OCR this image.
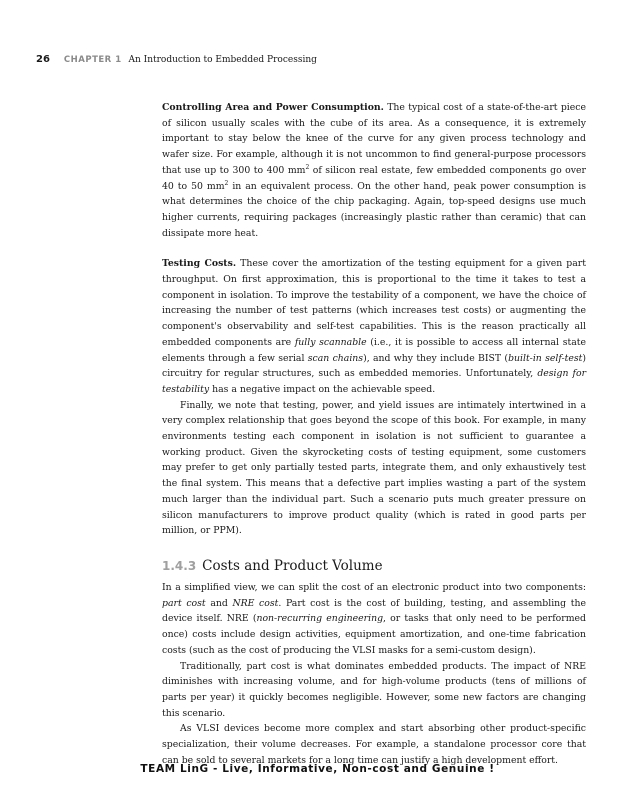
26 CHAPTER 1 An Introduction to Embedded Processing

Controlling Area and Power Consumption. The typical cost of a state-of-the-art piece of silicon usually scales with the cube of its area. As a consequence, it is extremely important to stay below the knee of the curve for any given process technology and wafer size. For example, although it is not uncommon to find general-purpose processors that use up to 300 to 400 $mm^2$ of silicon real estate, few embedded components go over 40 to 50 $mm^2$ in an equivalent process. On the other hand, peak power consumption is what determines the choice of the chip packaging. Again, top-speed designs use much higher currents, requiring packages (increasingly plastic rather than ceramic) that can dissipate more heat.

Testing Costs. These cover the amortization of the testing equipment for a given part throughput. On first approximation, this is proportional to the time it takes to test a component in isolation. To improve the testability of a component, we have the choice of increasing the number of test patterns (which increases test costs) or augmenting the component's observability and self-test capabilities. This is the reason practically all embedded components are fully scannable (i.e., it is possible to access all internal state elements through a few serial scan chains), and why they include BIST (built-in self-test) circuitry for regular structures, such as embedded memories. Unfortunately, design for testability has a negative impact on the achievable speed.

Finally, we note that testing, power, and yield issues are intimately intertwined in a very complex relationship that goes beyond the scope of this book. For example, in many environments testing each component in isolation is not sufficient to guarantee a working product. Given the skyrocketing costs of testing equipment, some customers may prefer to get only partially tested parts, integrate them, and only exhaustively test the final system. This means that a defective part implies wasting a part of the system much larger than the individual part. Such a scenario puts much greater pressure on silicon manufacturers to improve product quality (which is rated in good parts per million, or PPM).

1.4.3 Costs and Product Volume

In a simplified view, we can split the cost of an electronic product into two components: part cost and NRE cost. Part cost is the cost of building, testing, and assembling the device itself. NRE (non-recurring engineering, or tasks that only need to be performed once) costs include design activities, equipment amortization, and one-time fabrication costs (such as the cost of producing the VLSI masks for a semi-custom design).

Traditionally, part cost is what dominates embedded products. The impact of NRE diminishes with increasing volume, and for high-volume products (tens of millions of parts per year) it quickly becomes negligible. However, some new factors are changing this scenario.

As VLSI devices become more complex and start absorbing other product-specific specialization, their volume decreases. For example, a standalone processor core that can be sold to several markets for a long time can justify a high development effort.

TEAM LinG - Live, Informative, Non-cost and Genuine !
